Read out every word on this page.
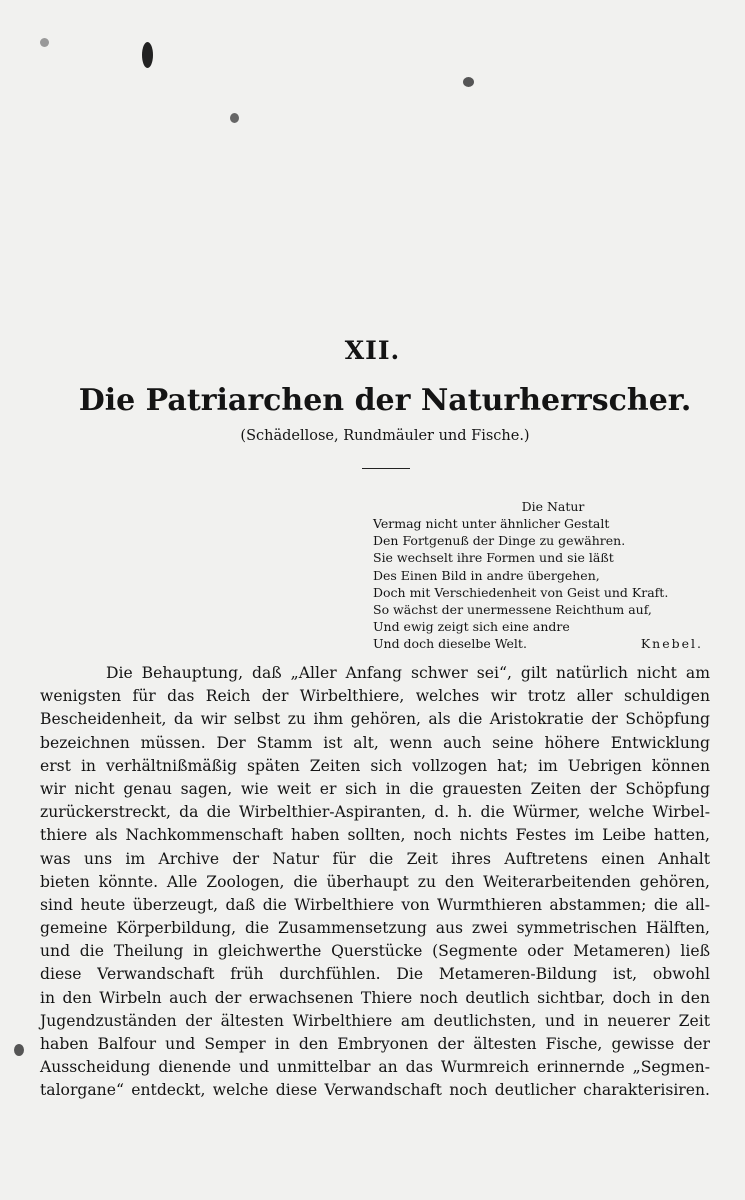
XII.
Die Patriarchen der Naturherrscher.
(Schädellose, Rundmäuler und Fische.)
Die Natur
Vermag nicht unter ähnlicher Gestalt
Den Fortgenuß der Dinge zu gewähren.
Sie wechselt ihre Formen und sie läßt
Des Einen Bild in andre übergehen,
Doch mit Verschiedenheit von Geist und Kraft.
So wächst der unermessene Reichthum auf,
Und ewig zeigt sich eine andre
Und doch dieselbe Welt.	Knebel.
Die Behauptung, daß „Aller Anfang schwer sei“, gilt natürlich nicht am
wenigsten für das Reich der Wirbelthiere, welches wir trotz aller schuldigen
Bescheidenheit, da wir selbst zu ihm gehören, als die Aristokratie der Schöpfung
bezeichnen müssen. Der Stamm ist alt, wenn auch seine höhere Entwicklung
erst in verhältnißmäßig späten Zeiten sich vollzogen hat; im Uebrigen können
wir nicht genau sagen, wie weit er sich in die grauesten Zeiten der Schöpfung
zurückerstreckt, da die Wirbelthier-Aspiranten, d. h. die Würmer, welche Wirbel-
thiere als Nachkommenschaft haben sollten, noch nichts Festes im Leibe hatten,
was uns im Archive der Natur für die Zeit ihres Auftretens einen Anhalt
bieten könnte. Alle Zoologen, die überhaupt zu den Weiterarbeitenden gehören,
sind heute überzeugt, daß die Wirbelthiere von Wurmthieren abstammen; die all-
gemeine Körperbildung, die Zusammensetzung aus zwei symmetrischen Hälften,
und die Theilung in gleichwerthe Querstücke (Segmente oder Metameren) ließ
diese Verwandschaft früh durchfühlen. Die Metameren-Bildung ist, obwohl
in den Wirbeln auch der erwachsenen Thiere noch deutlich sichtbar, doch in den
Jugendzuständen der ältesten Wirbelthiere am deutlichsten, und in neuerer Zeit
haben Balfour und Semper in den Embryonen der ältesten Fische, gewisse der
Ausscheidung dienende und unmittelbar an das Wurmreich erinnernde „Segmen-
talorgane“ entdeckt, welche diese Verwandschaft noch deutlicher charakterisiren.
